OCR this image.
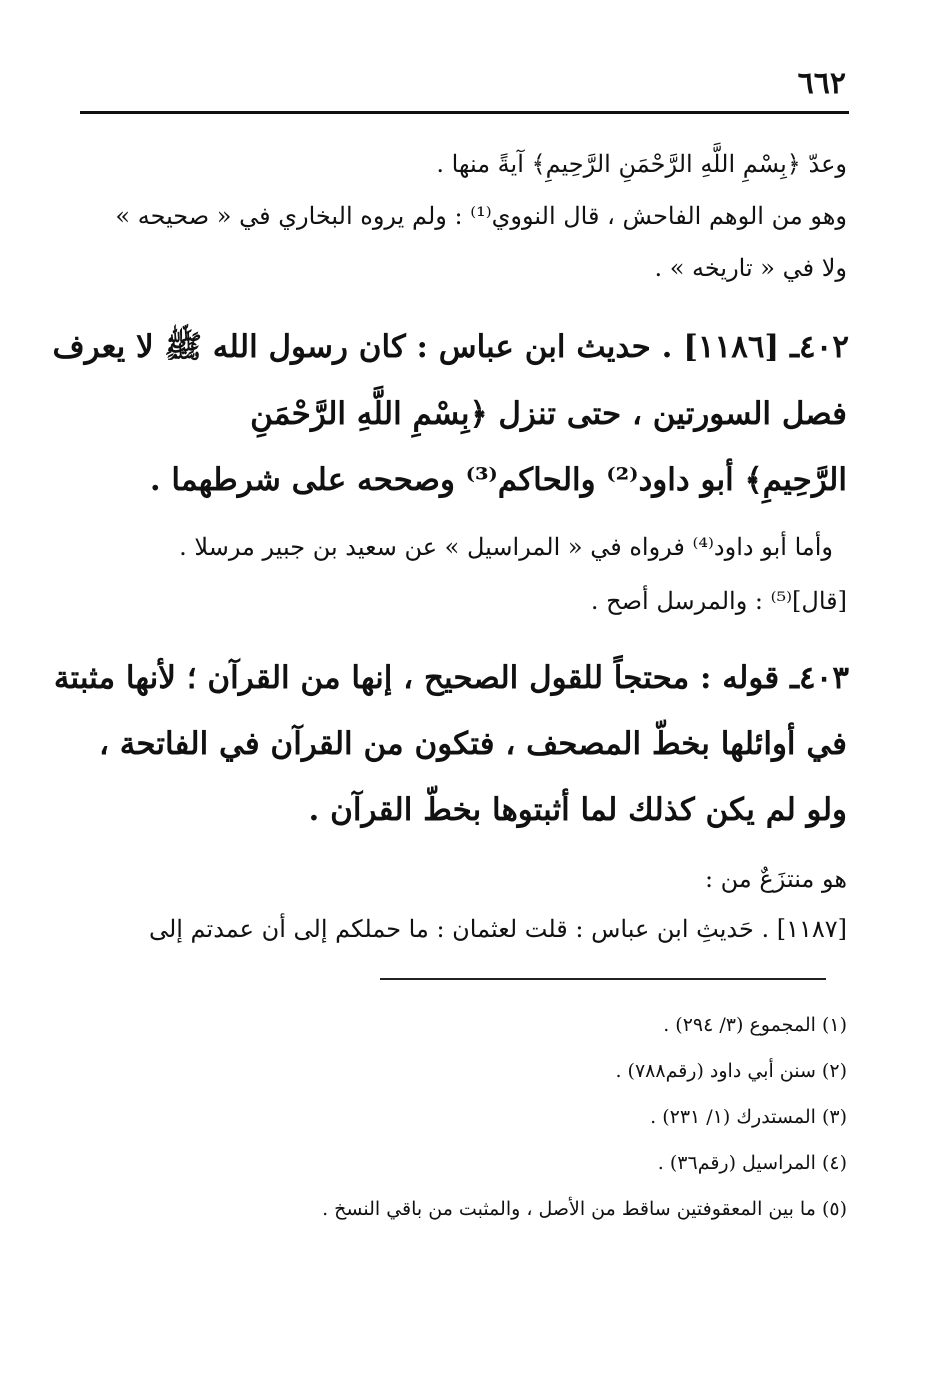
٦٦٢
وعدّ ﴿بِسْمِ اللَّهِ الرَّحْمَنِ الرَّحِيمِ﴾ آيةً منها .
وهو من الوهم الفاحش ، قال النووي⁽¹⁾ : ولم يروه البخاري في « صحيحه »
ولا في « تاريخه » .
٤٠٢ـ [١١٨٦] . حديث ابن عباس : كان رسول الله ﷺ لا يعرف
فصل السورتين ، حتى تنزل ﴿بِسْمِ اللَّهِ الرَّحْمَنِ
الرَّحِيمِ﴾ أبو داود⁽²⁾ والحاكم⁽³⁾ وصححه على شرطهما .
وأما أبو داود⁽⁴⁾ فرواه في « المراسيل » عن سعيد بن جبير مرسلا .
[قال]⁽⁵⁾ : والمرسل أصح .
٤٠٣ـ قوله : محتجاً للقول الصحيح ، إنها من القرآن ؛ لأنها مثبتة
في أوائلها بخطّ المصحف ، فتكون من القرآن في الفاتحة ،
ولو لم يكن كذلك لما أثبتوها بخطّ القرآن .
هو منتزَعٌ من :
[١١٨٧] . حَديثِ ابن عباس : قلت لعثمان : ما حملكم إلى أن عمدتم إلى
(١) المجموع (٣/ ٢٩٤) .
(٢) سنن أبي داود (رقم٧٨٨) .
(٣) المستدرك (١/ ٢٣١) .
(٤) المراسيل (رقم٣٦) .
(٥) ما بين المعقوفتين ساقط من الأصل ، والمثبت من باقي النسخ .
